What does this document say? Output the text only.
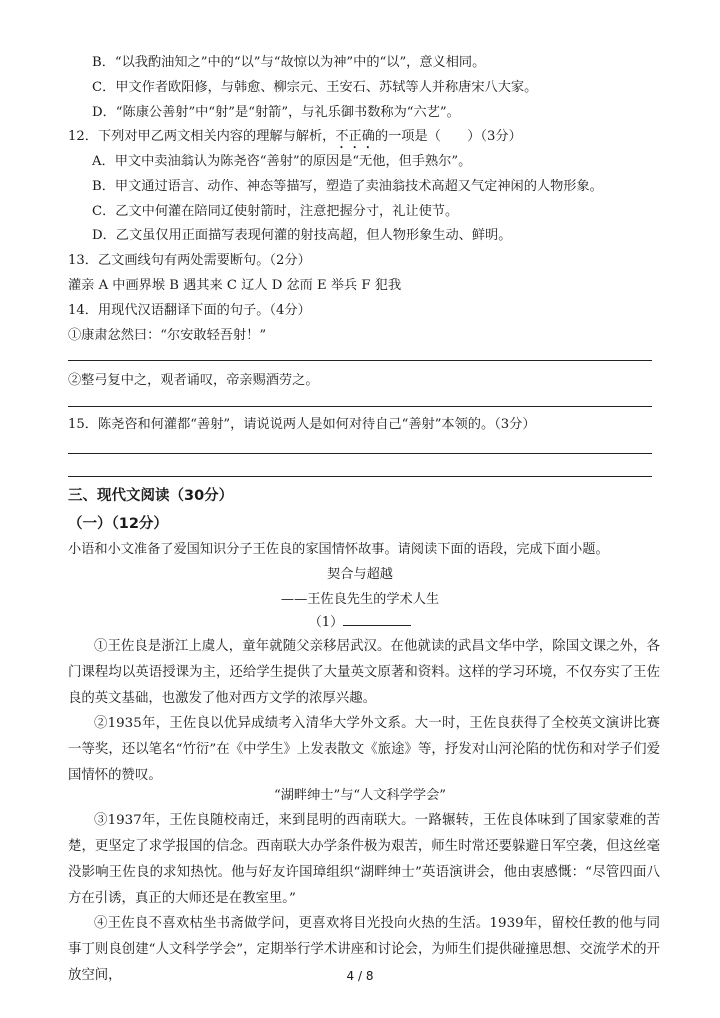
B．“以我酌油知之”中的“以”与“故惊以为神”中的“以”，意义相同。
C．甲文作者欧阳修，与韩愈、柳宗元、王安石、苏轼等人并称唐宋八大家。
D．“陈康公善射”中“射”是“射箭”，与礼乐御书数称为“六艺”。
12．下列对甲乙两文相关内容的理解与解析，不正确的一项是（　　）（3分）
A．甲文中卖油翁认为陈尧咨“善射”的原因是“无他，但手熟尔”。
B．甲文通过语言、动作、神态等描写，塑造了卖油翁技术高超又气定神闲的人物形象。
C．乙文中何灌在陪同辽使射箭时，注意把握分寸，礼让使节。
D．乙文虽仅用正面描写表现何灌的射技高超，但人物形象生动、鲜明。
13．乙文画线句有两处需要断句。（2分）
灌亲 A 中画界堠 B 遇其来 C 辽人 D 忿而 E 举兵 F 犯我
14．用现代汉语翻译下面的句子。（4分）
①康肃忿然曰：“尔安敢轻吾射！”
②整弓复中之，观者诵叹，帝亲赐酒劳之。
15．陈尧咨和何灌都“善射”，请说说两人是如何对待自己“善射”本领的。（3分）
三、现代文阅读（30分）
（一）（12分）
小语和小文准备了爱国知识分子王佐良的家国情怀故事。请阅读下面的语段，完成下面小题。
契合与超越
——王佐良先生的学术人生
（1）
①王佐良是浙江上虞人，童年就随父亲移居武汉。在他就读的武昌文华中学，除国文课之外，各门课程均以英语授课为主，还给学生提供了大量英文原著和资料。这样的学习环境，不仅夯实了王佐良的英文基础，也激发了他对西方文学的浓厚兴趣。
②1935年，王佐良以优异成绩考入清华大学外文系。大一时，王佐良获得了全校英文演讲比赛一等奖，还以笔名“竹衍”在《中学生》上发表散文《旅途》等，抒发对山河沦陷的忧伤和对学子们爱国情怀的赞叹。
“湖畔绅士”与“人文科学学会”
③1937年，王佐良随校南迁，来到昆明的西南联大。一路辗转，王佐良体味到了国家蒙难的苦楚，更坚定了求学报国的信念。西南联大办学条件极为艰苦，师生时常还要躲避日军空袭，但这丝毫没影响王佐良的求知热忱。他与好友许国璋组织“湖畔绅士”英语演讲会，他由衷感慨：“尽管四面八方在引诱，真正的大师还是在教室里。”
④王佐良不喜欢枯坐书斋做学问，更喜欢将目光投向火热的生活。1939年，留校任教的他与同事丁则良创建“人文科学学会”，定期举行学术讲座和讨论会，为师生们提供碰撞思想、交流学术的开放空间，	4 / 8
